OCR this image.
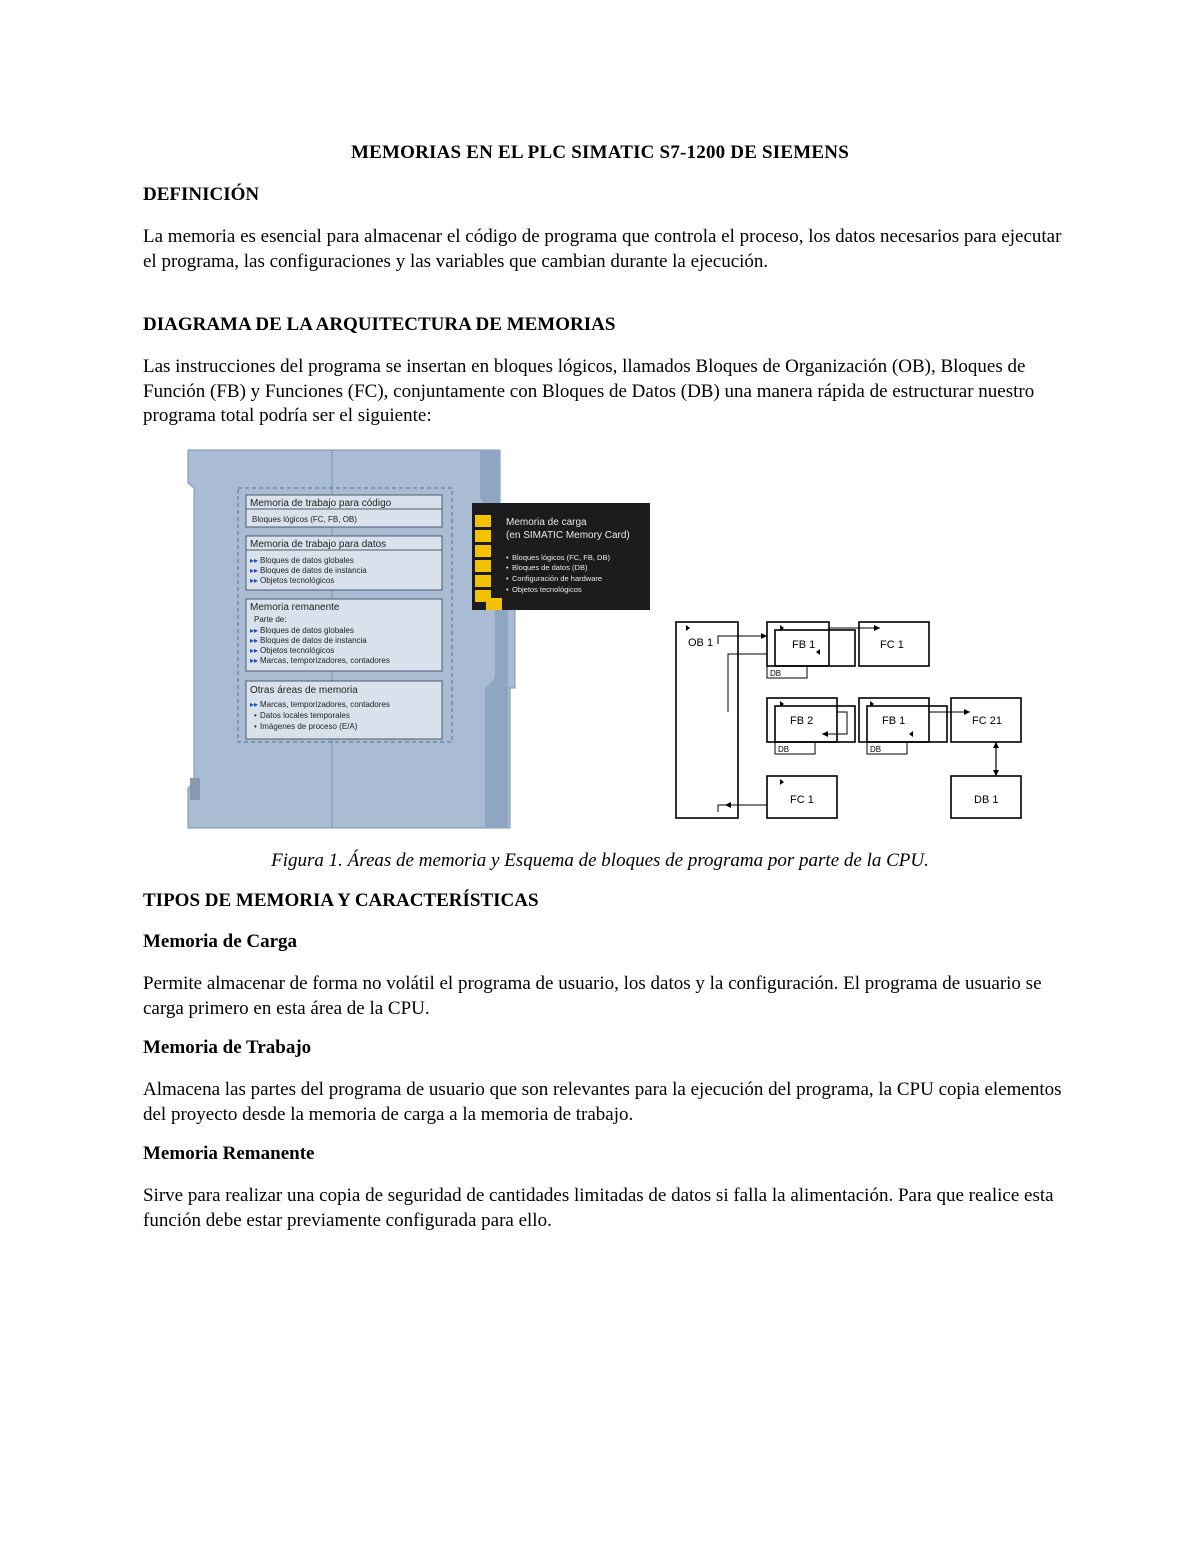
MEMORIAS EN EL PLC SIMATIC S7-1200 DE SIEMENS
DEFINICIÓN
La memoria es esencial para almacenar el código de programa que controla el proceso, los datos necesarios para ejecutar el programa, las configuraciones y las variables que cambian durante la ejecución.
DIAGRAMA DE LA ARQUITECTURA DE MEMORIAS
Las instrucciones del programa se insertan en bloques lógicos, llamados Bloques de Organización (OB), Bloques de Función (FB) y Funciones (FC), conjuntamente con Bloques de Datos (DB) una manera rápida de estructurar nuestro programa total podría ser el siguiente:
Memoria de trabajo para código
Bloques lógicos (FC, FB, OB)
Memoria de trabajo para datos
▸▸ Bloques de datos globales
▸▸ Bloques de datos de instancia
▸▸ Objetos tecnológicos
Memoria remanente
Parte de:
▸▸ Bloques de datos globales
▸▸ Bloques de datos de instancia
▸▸ Objetos tecnológicos
▸▸ Marcas, temporizadores, contadores
Otras áreas de memoria
▸▸ Marcas, temporizadores, contadores
• Datos locales temporales
• Imágenes de proceso (E/A)
Memoria de carga
(en SIMATIC Memory Card)
• Bloques lógicos (FC, FB, DB)
• Bloques de datos (DB)
• Configuración de hardware
• Objetos tecnológicos
OB 1	FB 1
DB
FC 1
FB 2
DB
FB 1
DB
FC 21
FC 1	DB 1
Figura 1. Áreas de memoria y Esquema de bloques de programa por parte de la CPU.
TIPOS DE MEMORIA Y CARACTERÍSTICAS
Memoria de Carga
Permite almacenar de forma no volátil el programa de usuario, los datos y la configuración. El programa de usuario se carga primero en esta área de la CPU.
Memoria de Trabajo
Almacena las partes del programa de usuario que son relevantes para la ejecución del programa, la CPU copia elementos del proyecto desde la memoria de carga a la memoria de trabajo.
Memoria Remanente
Sirve para realizar una copia de seguridad de cantidades limitadas de datos si falla la alimentación. Para que realice esta función debe estar previamente configurada para ello.
